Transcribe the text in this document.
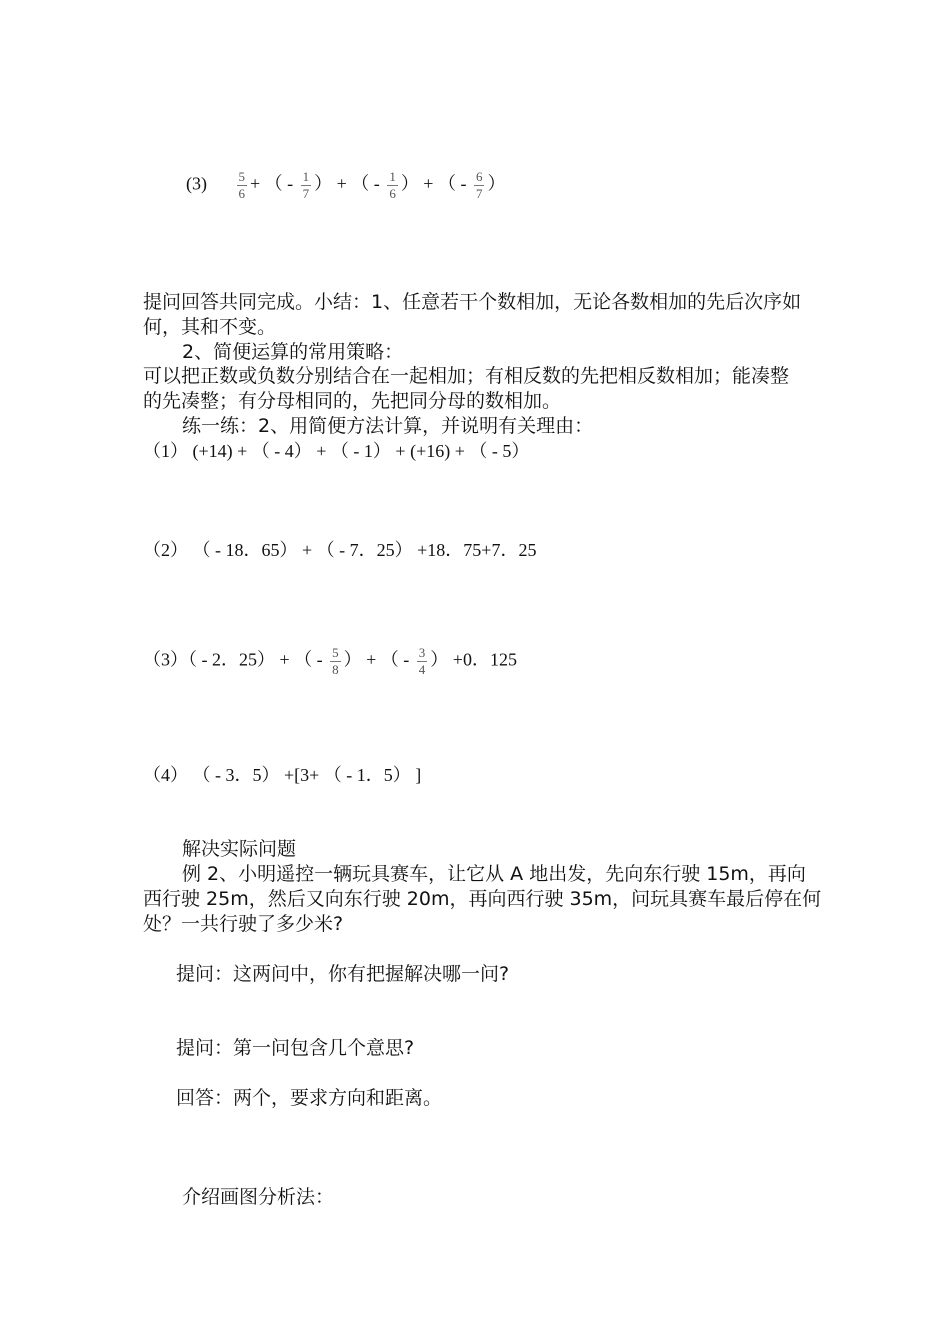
$(3) \frac{5}{6}$ + （ - $\frac{1}{7}$ ） + （ - $\frac{1}{6}$ ） + （ - $\frac{6}{7}$ ）
提问回答共同完成。小结：1、任意若干个数相加，无论各数相加的先后次序如
何，其和不变。
2、简便运算的常用策略：
可以把正数或负数分别结合在一起相加；有相反数的先把相反数相加；能凑整
的先凑整；有分母相同的，先把同分母的数相加。
练一练：2、用简便方法计算，并说明有关理由：
（1） (+14) + （ - 4） + （ - 1） + (+16) + （ - 5）
（2） （ - 18．65） + （ - 7．25） +18．75+7．25
（3）（ - 2．25） + （ - $\frac{5}{8}$ ） + （ - $\frac{3}{4}$ ） +0．125
（4） （ - 3．5） +[3+ （ - 1．5） ]
解决实际问题
例 2、小明遥控一辆玩具赛车，让它从 A 地出发，先向东行驶 15m，再向
西行驶 25m，然后又向东行驶 20m，再向西行驶 35m，问玩具赛车最后停在何
处？一共行驶了多少米?
提问：这两问中，你有把握解决哪一问?
提问：第一问包含几个意思?
回答：两个，要求方向和距离。
介绍画图分析法：
